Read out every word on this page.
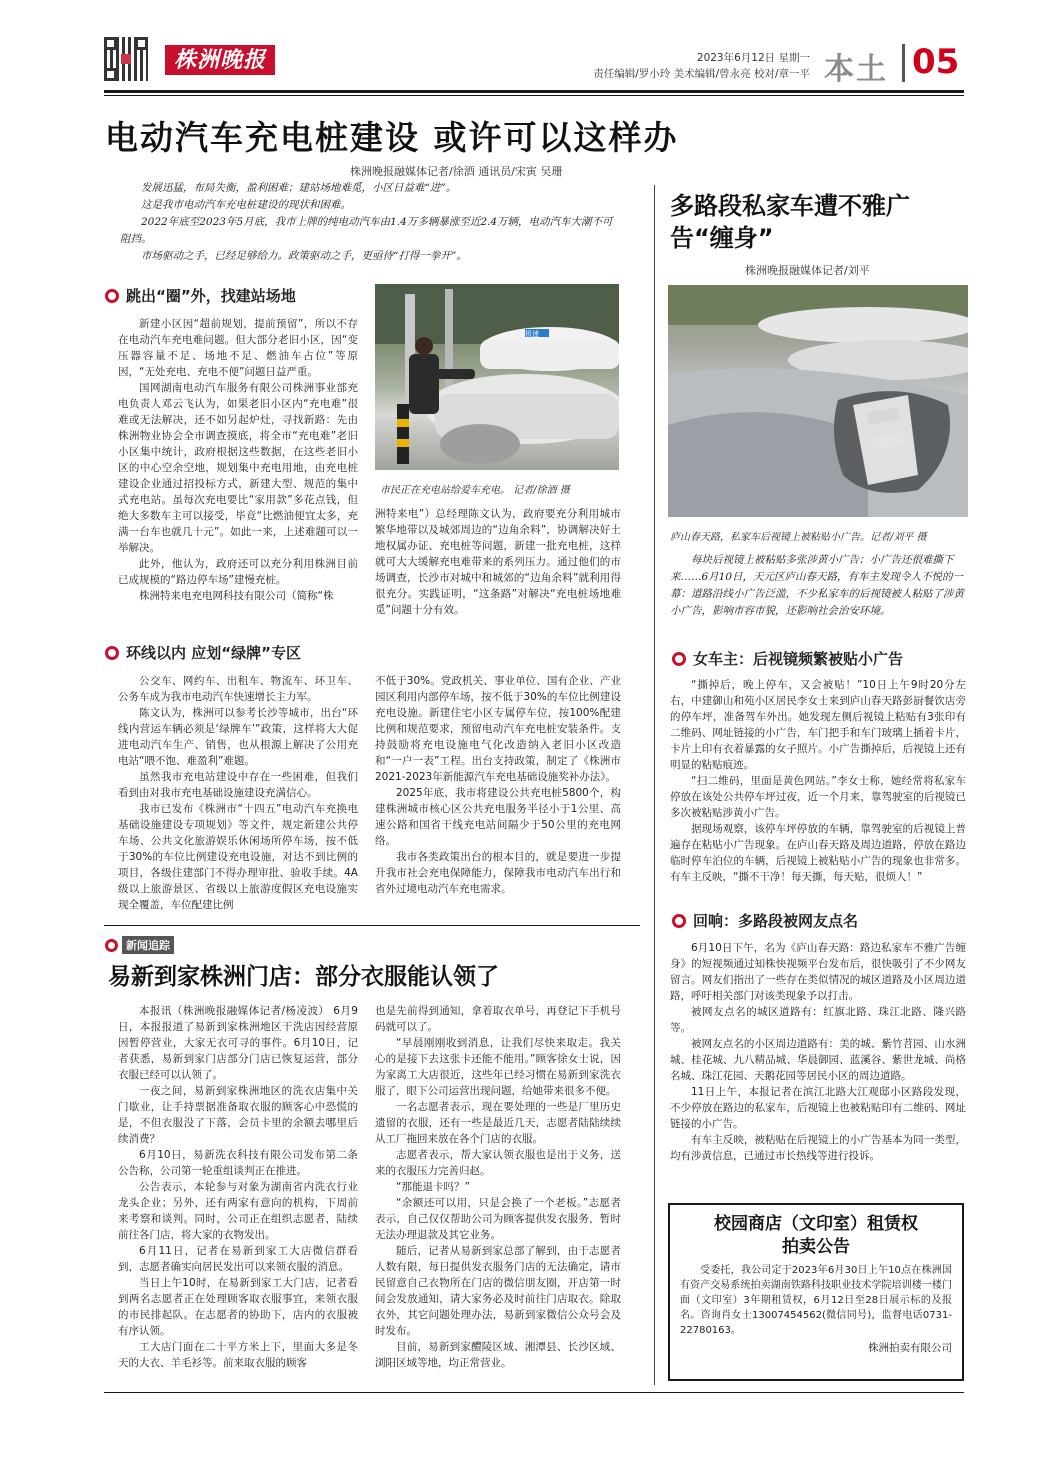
株洲晚报	2023年6月12日 星期一
责任编辑/罗小玲 美术编辑/曾永亮 校对/章一平 本土 05
电动汽车充电桩建设 或许可以这样办
株洲晚报融媒体记者/徐酒 通讯员/宋寅 吴珊

发展迅猛，布局失衡，盈利困难；建站场地难觅，小区日益难“进”。

这是我市电动汽车充电桩建设的现状和困难。

2022年底至2023年5月底，我市上牌的纯电动汽车由1.4万多辆暴涨至近2.4万辆，电动汽车大潮不可阻挡。

市场驱动之手，已经足够给力。政策驱动之手，更亟待“打得一拳开”。

跳出“圈”外，找建站场地

新建小区因“超前规划，提前预留”，所以不存在电动汽车充电难问题。但大部分老旧小区，因“变压器容量不足、场地不足、燃油车占位”等原因，“无处充电、充电不便”问题日益严重。

国网湖南电动汽车服务有限公司株洲事业部充电负责人邓云飞认为，如果老旧小区内“充电难”很难或无法解决，还不如另起炉灶，寻找新路：先由株洲物业协会全市调查摸底，将全市“充电难”老旧小区集中统计，政府根据这些数据，在这些老旧小区的中心空余空地，规划集中充电用地，由充电桩建设企业通过招投标方式，新建大型、规范的集中式充电站。虽每次充电要比“家用款”多花点钱，但绝大多数车主可以接受，毕竟“比燃油便宜太多，充满一台车也就几十元”。如此一来，上述难题可以一举解决。

此外，他认为，政府还可以充分利用株洲目前已成规模的“路边停车场”建慢充桩。

株洲特来电充电网科技有限公司（简称“株

极速
市民正在充电站给爱车充电。 记者/徐酒 摄

洲特来电”）总经理陈文认为，政府要充分利用城市繁华地带以及城郊周边的“边角余料”，协调解决好土地权属办证、充电桩等问题，新建一批充电桩，这样就可大大缓解充电难带来的系列压力。通过他们的市场调查，长沙市对城中和城郊的“边角余料”就利用得很充分。实践证明，“这条路”对解决“充电桩场地难觅”问题十分有效。

环线以内 应划“绿牌”专区

公交车、网约车、出租车、物流车、环卫车、公务车成为我市电动汽车快速增长主力军。

陈文认为，株洲可以参考长沙等城市，出台“环线内营运车辆必须是‘绿牌车’”政策，这样将大大促进电动汽车生产、销售，也从根源上解决了公用充电站“喂不饱、难盈利”难题。

虽然我市充电站建设中存在一些困难，但我们看到由对我市充电基础设施建设充满信心。

我市已发布《株洲市“十四五”电动汽车充换电基础设施建设专项规划》等文件，规定新建公共停车场、公共文化旅游娱乐休闲场所停车场，按不低于30%的车位比例建设充电设施，对达不到比例的项目，各级住建部门不得办理审批、验收手续。4A级以上旅游景区、省级以上旅游度假区充电设施实现全覆盖，车位配建比例

不低于30%。党政机关、事业单位、国有企业、产业园区利用内部停车场，按不低于30%的车位比例建设充电设施。新建住宅小区专属停车位，按100%配建比例和规范要求，预留电动汽车充电桩安装条件。支持鼓励将充电设施电气化改造纳入老旧小区改造和“一户一表”工程。出台支持政策，制定了《株洲市2021-2023年新能源汽车充电基础设施奖补办法》。

2025年底，我市将建设公共充电桩5800个，构建株洲城市核心区公共充电服务半径小于1公里、高速公路和国省干线充电站间隔少于50公里的充电网络。

我市各类政策出台的根本目的，就是要进一步提升我市社会充电保障能力，保障我市电动汽车出行和省外过境电动汽车充电需求。

新闻追踪
易新到家株洲门店：部分衣服能认领了

本报讯（株洲晚报融媒体记者/杨凌波） 6月9日，本报报道了易新到家株洲地区干洗店因经营原因暂停营业，大家无衣可寻的事件。6月10日，记者获悉，易新到家门店部分门店已恢复运营，部分衣服已经可以认领了。

一夜之间，易新到家株洲地区的洗衣店集中关门歇业，让手持票据准备取衣服的顾客心中恐慌的是，不但衣服没了下落，会员卡里的余额去哪里后续消费？

6月10日，易新洗衣科技有限公司发布第二条公告称，公司第一轮重组谈判正在推进。

公告表示，本轮参与对象为湖南省内洗衣行业龙头企业；另外，还有两家有意向的机构，下周前来考察和谈判。同时，公司正在组织志愿者，陆续前往各门店，将大家的衣物发出。

6月11日，记者在易新到家工大店微信群看到，志愿者确实向居民发出可以来领衣服的消息。

当日上午10时，在易新到家工大门店，记者看到两名志愿者正在处理顾客取衣服事宜，来领衣服的市民排起队。在志愿者的协助下，店内的衣服被有序认领。

工大店门面在二十平方米上下，里面大多是冬天的大衣、羊毛衫等。前来取衣服的顾客

也是先前得到通知，拿着取衣单号，再登记下手机号码就可以了。

“早晨刚刚收到消息，让我们尽快来取走。我关心的是接下去这张卡还能不能用。”顾客徐女士说，因为家离工大店很近，这些年已经习惯在易新到家洗衣服了，眼下公司运营出现问题，给她带来很多不便。

一名志愿者表示，现在要处理的一些是厂里历史遗留的衣服，还有一些是最近几天，志愿者陆陆续续从工厂拖回来放在各个门店的衣服。

志愿者表示，帮大家认领衣服也是出于义务，送来的衣服压力完善归赵。

“那能退卡吗？”

“余额还可以用，只是会换了一个老板。”志愿者表示，自己仅仅帮助公司为顾客提供发衣服务，暂时无法办理退款及其它业务。

随后，记者从易新到家总部了解到，由于志愿者人数有限，每日提供发衣服务门店的无法确定，请市民留意自己衣物所在门店的微信朋友圈，开店第一时间会发放通知，请大家务必及时前往门店取衣。除取衣外，其它问题处理办法，易新到家微信公众号会及时发布。

目前，易新到家醴陵区域、湘潭县、长沙区域、浏阳区域等地，均正常营业。

多路段私家车遭不雅广告“缠身”
株洲晚报融媒体记者/刘平
庐山春天路，私家车后视镜上被粘贴小广告。记者/刘平 摄

每块后视镜上被粘贴多张涉黄小广告；小广告还很难撕下来……6月10日，天元区庐山春天路，有车主发现令人不悦的一幕：道路沿线小广告泛滥，不少私家车的后视镜被人粘贴了涉黄小广告，影响市容市貌，还影响社会治安环境。

女车主：后视镜频繁被贴小广告

“撕掉后，晚上停车，又会被贴！”10日上午9时20分左右，中建御山和苑小区居民李女士来到庐山春天路彭厨餐饮店旁的停车坪，准备驾车外出。她发现左侧后视镜上粘贴有3张印有二维码、网址链接的小广告，车门把手和车门玻璃上插着卡片，卡片上印有衣着暴露的女子照片。小广告撕掉后，后视镜上还有明显的粘贴痕迹。

“扫二维码，里面是黄色网站。”李女士称，她经常将私家车停放在该处公共停车坪过夜，近一个月来，靠驾驶室的后视镜已多次被粘贴涉黄小广告。

据现场观察，该停车坪停放的车辆，靠驾驶室的后视镜上普遍存在粘贴小广告现象。在庐山春天路及周边道路，停放在路边临时停车泊位的车辆，后视镜上被粘贴小广告的现象也非常多。有车主反映，“撕不干净！每天撕，每天贴，很烦人！”

回响：多路段被网友点名

6月10日下午，名为《庐山春天路：路边私家车不雅广告缠身》的短视频通过知株快视频平台发布后，很快吸引了不少网友留言。网友们指出了一些存在类似情况的城区道路及小区周边道路，呼吁相关部门对该类现象予以打击。

被网友点名的城区道路有：红旗北路、珠江北路、隆兴路等。

被网友点名的小区周边道路有：美的城、紫竹苕园、山水洲城、桂花城、九八精品城、华晨御园、蓝溪谷、紫世龙城、尚格名城、珠江花园、天鹅花园等居民小区的周边道路。

11日上午，本报记者在滨江北路大江观邸小区路段发现，不少停放在路边的私家车，后视镜上也被粘贴印有二维码、网址链接的小广告。

有车主反映，被粘贴在后视镜上的小广告基本为同一类型，均有涉黄信息，已通过市长热线等进行投诉。

校园商店（文印室）租赁权
拍卖公告

受委托，我公司定于2023年6月30日上午10点在株洲国有资产交易系统拍卖湖南铁路科技职业技术学院培训楼一楼门面（文印室）3年期租赁权，6月12日至28日展示标的及报名。咨询肖女士13007454562(微信同号)，监督电话0731-22780163。

株洲拍卖有限公司
